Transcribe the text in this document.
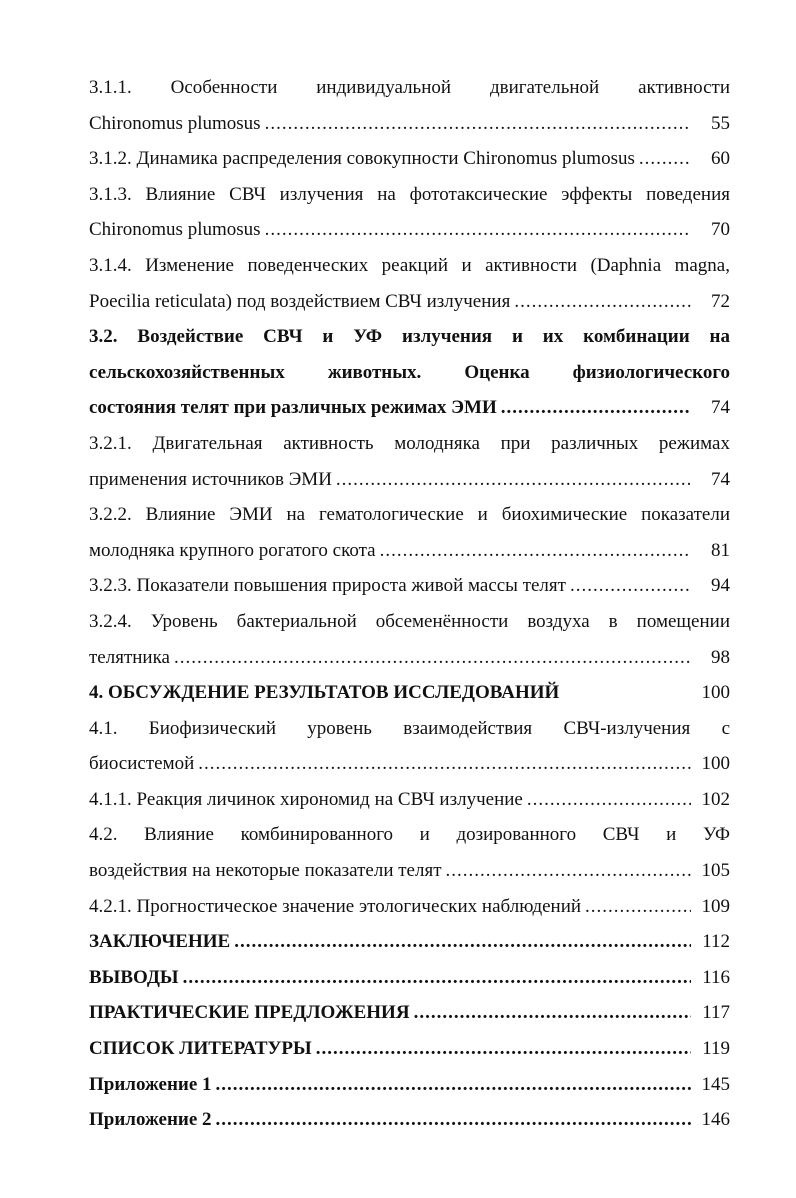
3.1.1. Особенности индивидуальной двигательной активности
Chironomus plumosus .....	55
3.1.2. Динамика распределения совокупности Chironomus plumosus .....	60
3.1.3. Влияние СВЧ излучения на фототаксические эффекты поведения
Chironomus plumosus .....	70
3.1.4. Изменение поведенческих реакций и активности (Daphnia magna,
Poecilia reticulata) под воздействием СВЧ излучения .....	72
3.2. Воздействие СВЧ и УФ излучения и их комбинации на
сельскохозяйственных животных. Оценка физиологического
состояния телят при различных режимах ЭМИ .....	74
3.2.1. Двигательная активность молодняка при различных режимах
применения источников ЭМИ .....	74
3.2.2. Влияние ЭМИ на гематологические и биохимические показатели
молодняка крупного рогатого скота .....	81
3.2.3. Показатели повышения прироста живой массы телят .....	94
3.2.4. Уровень бактериальной обсеменённости воздуха в помещении
телятника .....	98
4. ОБСУЖДЕНИЕ РЕЗУЛЬТАТОВ ИССЛЕДОВАНИЙ	100
4.1. Биофизический уровень взаимодействия СВЧ-излучения с
биосистемой .....	100
4.1.1. Реакция личинок хирономид на СВЧ излучение .....	102
4.2. Влияние комбинированного и дозированного СВЧ и УФ
воздействия на некоторые показатели телят .....	105
4.2.1. Прогностическое значение этологических наблюдений .....	109
ЗАКЛЮЧЕНИЕ .....	112
ВЫВОДЫ .....	116
ПРАКТИЧЕСКИЕ ПРЕДЛОЖЕНИЯ .....	117
СПИСОК ЛИТЕРАТУРЫ .....	119
Приложение 1 .....	145
Приложение 2 .....	146
